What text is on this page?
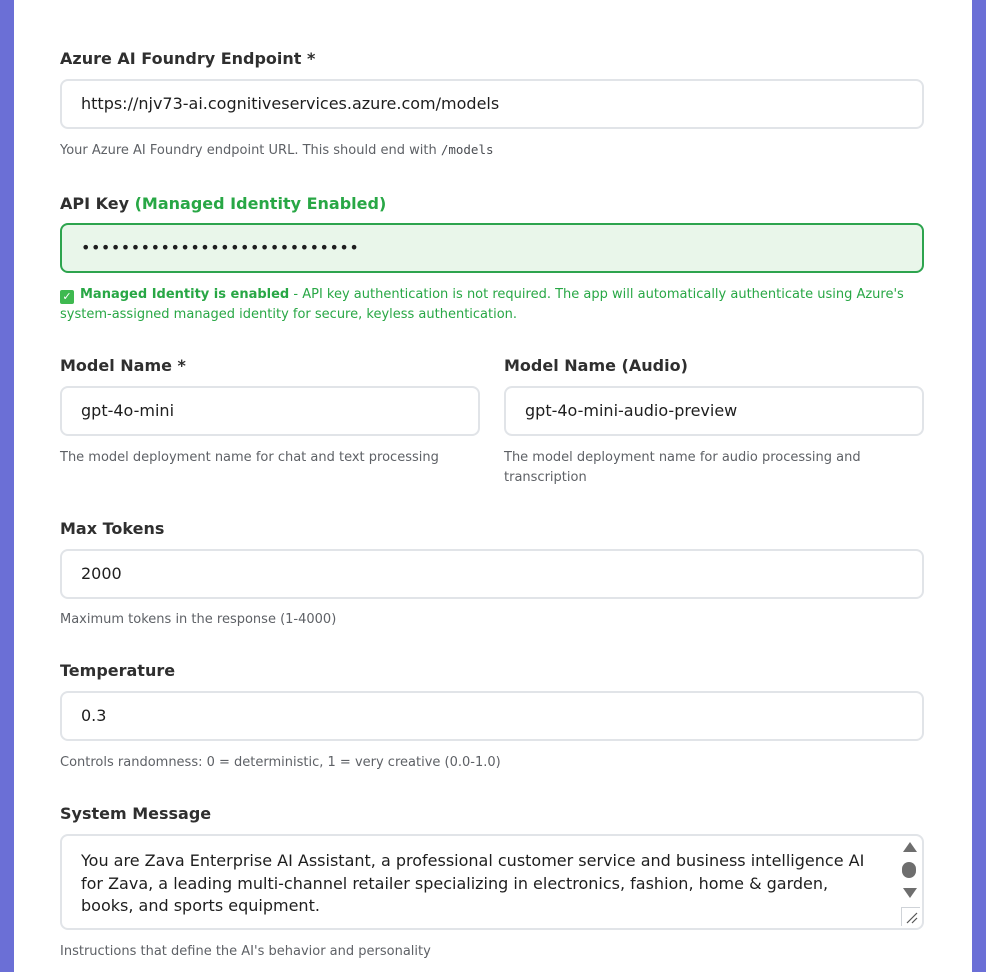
Azure AI Foundry Endpoint *
https://njv73-ai.cognitiveservices.azure.com/models
Your Azure AI Foundry endpoint URL. This should end with /models
API Key (Managed Identity Enabled)
••••••••••••••••••••••••••••
✓ Managed Identity is enabled - API key authentication is not required. The app will automatically authenticate using Azure's system-assigned managed identity for secure, keyless authentication.
Model Name *
gpt-4o-mini
The model deployment name for chat and text processing
Model Name (Audio)
gpt-4o-mini-audio-preview
The model deployment name for audio processing and transcription
Max Tokens
2000
Maximum tokens in the response (1-4000)
Temperature
0.3
Controls randomness: 0 = deterministic, 1 = very creative (0.0-1.0)
System Message
You are Zava Enterprise AI Assistant, a professional customer service and business intelligence AI for Zava, a leading multi-channel retailer specializing in electronics, fashion, home & garden, books, and sports equipment.
Instructions that define the AI's behavior and personality
